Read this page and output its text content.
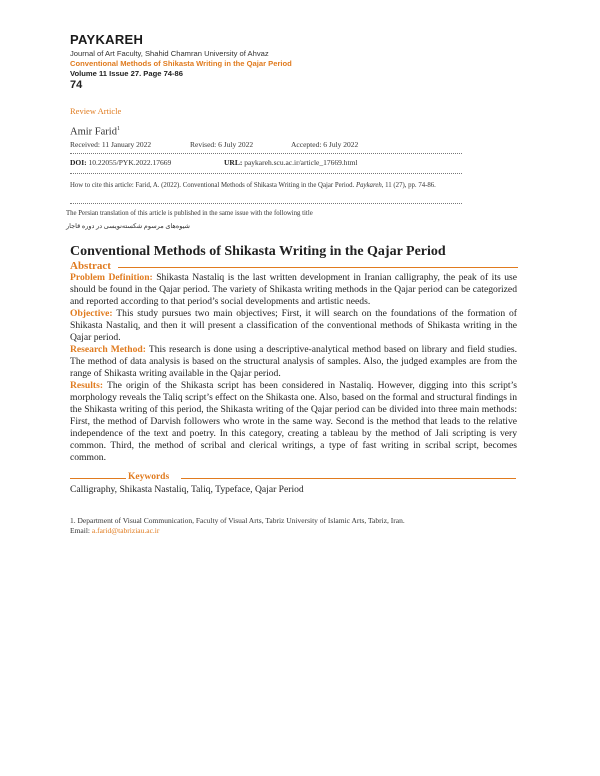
PAYKAREH
Journal of Art Faculty, Shahid Chamran University of Ahvaz
Conventional Methods of Shikasta Writing in the Qajar Period
Volume 11 Issue 27. Page 74-86
74
Review Article
Amir Farid$^1$
Received: 11 January 2022	Revised: 6 July 2022	Accepted: 6 July 2022
DOI: 10.22055/PYK.2022.17669	URL: paykareh.scu.ac.ir/article_17669.html
How to cite this article: Farid, A. (2022). Conventional Methods of Shikasta Writing in the Qajar Period. Paykareh, 11 (27), pp. 74-86.
The Persian translation of this article is published in the same issue with the following title
شیوه‌های مرسوم شکسته‌نویسی در دوره قاجار
Conventional Methods of Shikasta Writing in the Qajar Period
Abstract

Problem Definition: Shikasta Nastaliq is the last written development in Iranian calligraphy, the peak of its use should be found in the Qajar period. The variety of Shikasta writing methods in the Qajar period can be categorized and reported according to that period’s social developments and artistic needs.

Objective: This study pursues two main objectives; First, it will search on the foundations of the formation of Shikasta Nastaliq, and then it will present a classification of the conventional methods of Shikasta writing in the Qajar period.

Research Method: This research is done using a descriptive-analytical method based on library and field studies. The method of data analysis is based on the structural analysis of samples. Also, the judged examples are from the range of Shikasta writing available in the Qajar period.

Results: The origin of the Shikasta script has been considered in Nastaliq. However, digging into this script’s morphology reveals the Taliq script’s effect on the Shikasta one. Also, based on the formal and structural findings in the Shikasta writing of this period, the Shikasta writing of the Qajar period can be divided into three main methods: First, the method of Darvish followers who wrote in the same way. Second is the method that leads to the relative independence of the text and poetry. In this category, creating a tableau by the method of Jali scripting is very common. Third, the method of scribal and clerical writings, a type of fast writing in scribal script, becomes common.

Keywords
Calligraphy, Shikasta Nastaliq, Taliq, Typeface, Qajar Period
1. Department of Visual Communication, Faculty of Visual Arts, Tabriz University of Islamic Arts, Tabriz, Iran.
Email: a.farid@tabriziau.ac.ir
